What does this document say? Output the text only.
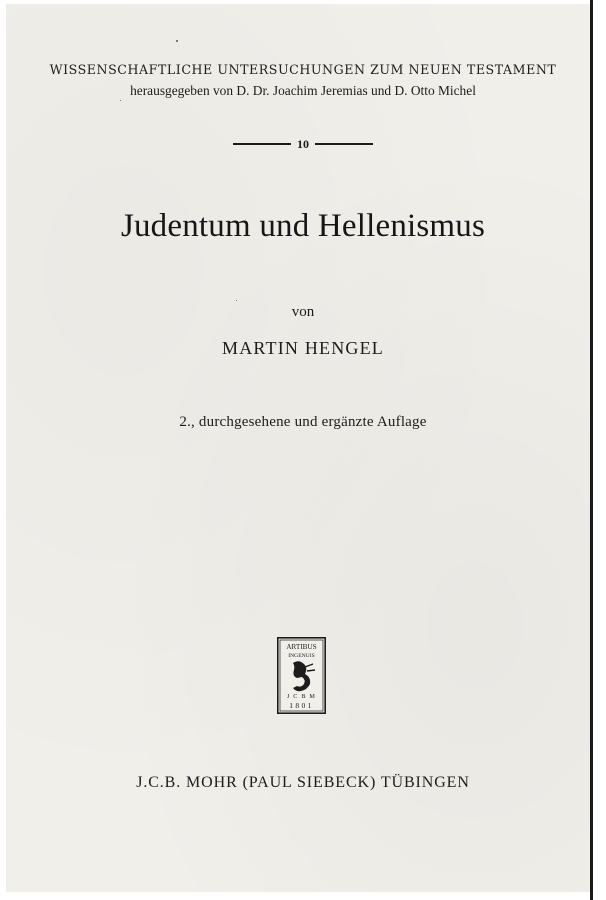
WISSENSCHAFTLICHE UNTERSUCHUNGEN ZUM NEUEN TESTAMENT
herausgegeben von D. Dr. Joachim Jeremias und D. Otto Michel
10
Judentum und Hellenismus
von
MARTIN HENGEL
2., durchgesehene und ergänzte Auflage
ARTIBUS
INGENUIS
J C B M
1801
J.C.B. MOHR (PAUL SIEBECK) TÜBINGEN
